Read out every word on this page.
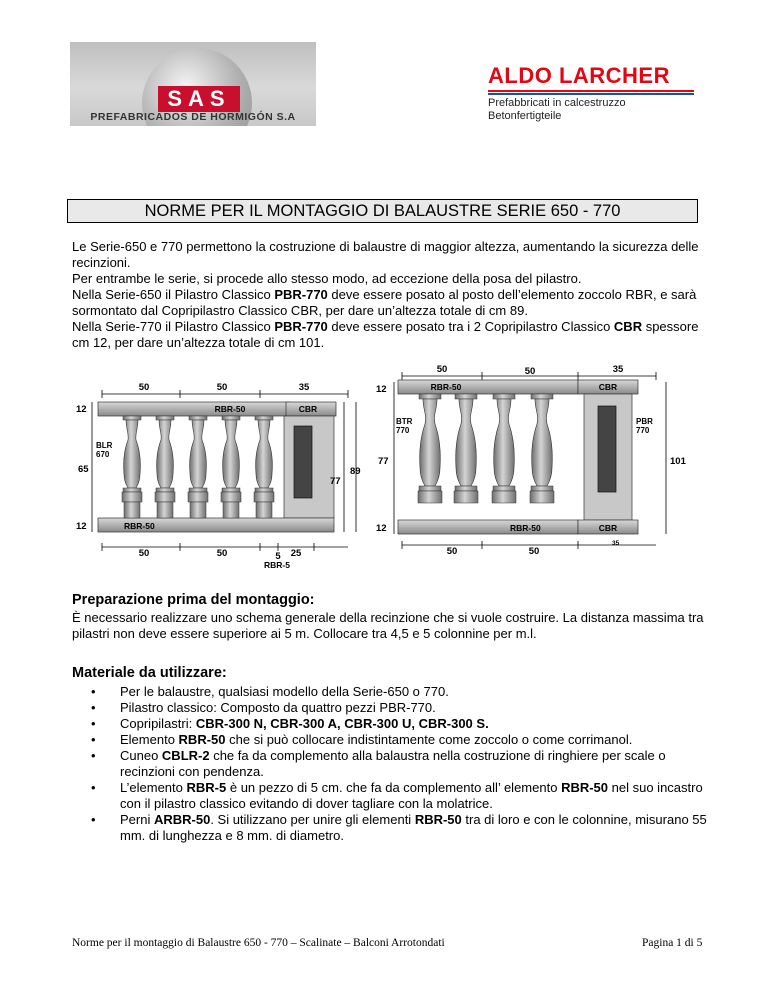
SAS
PREFABRICADOS DE HORMIGÓN S.A
ALDO LARCHER
Prefabbricati in calcestruzzo
Betonfertigteile
NORME PER IL MONTAGGIO DI BALAUSTRE SERIE 650 - 770
Le Serie-650 e 770 permettono la costruzione di balaustre di maggior altezza, aumentando la sicurezza delle recinzioni.
Per entrambe le serie, si procede allo stesso modo, ad eccezione della posa del pilastro.
Nella Serie-650 il Pilastro Classico PBR-770 deve essere posato al posto dell’elemento zoccolo RBR, e sarà sormontato dal Copripilastro Classico CBR, per dare un’altezza totale di cm 89.
Nella Serie-770 il Pilastro Classico PBR-770 deve essere posato tra i 2 Copripilastro Classico CBR spessore cm 12, per dare un’altezza totale di cm 101.
50	50	35
RBR-50	CBR
12
BLR
670
65
77
89
RBR-50
12
50	50	5 25
RBR-5
50	50	35
RBR-50	CBR
12
BTR
770
PBR
770
77	101
RBR-50	CBR
35
12
50	50
Preparazione prima del montaggio:
È necessario realizzare uno schema generale della recinzione che si vuole costruire. La distanza massima tra pilastri non deve essere superiore ai 5 m. Collocare tra 4,5 e 5 colonnine per m.l.
Materiale da utilizzare:
• Per le balaustre, qualsiasi modello della Serie-650 o 770.
• Pilastro classico: Composto da quattro pezzi PBR-770.
• Copripilastri: CBR-300 N, CBR-300 A, CBR-300 U, CBR-300 S.
• Elemento RBR-50 che si può collocare indistintamente come zoccolo o come corrimanol.
• Cuneo CBLR-2 che fa da complemento alla balaustra nella costruzione di ringhiere per scale o recinzioni con pendenza.
• L’elemento RBR-5 è un pezzo di 5 cm. che fa da complemento all’ elemento RBR-50 nel suo incastro con il pilastro classico evitando di dover tagliare con la molatrice.
• Perni ARBR-50. Si utilizzano per unire gli elementi RBR-50 tra di loro e con le colonnine, misurano 55 mm. di lunghezza e 8 mm. di diametro.
Norme per il montaggio di Balaustre 650 - 770 – Scalinate – Balconi Arrotondati	Pagina 1 di 5
